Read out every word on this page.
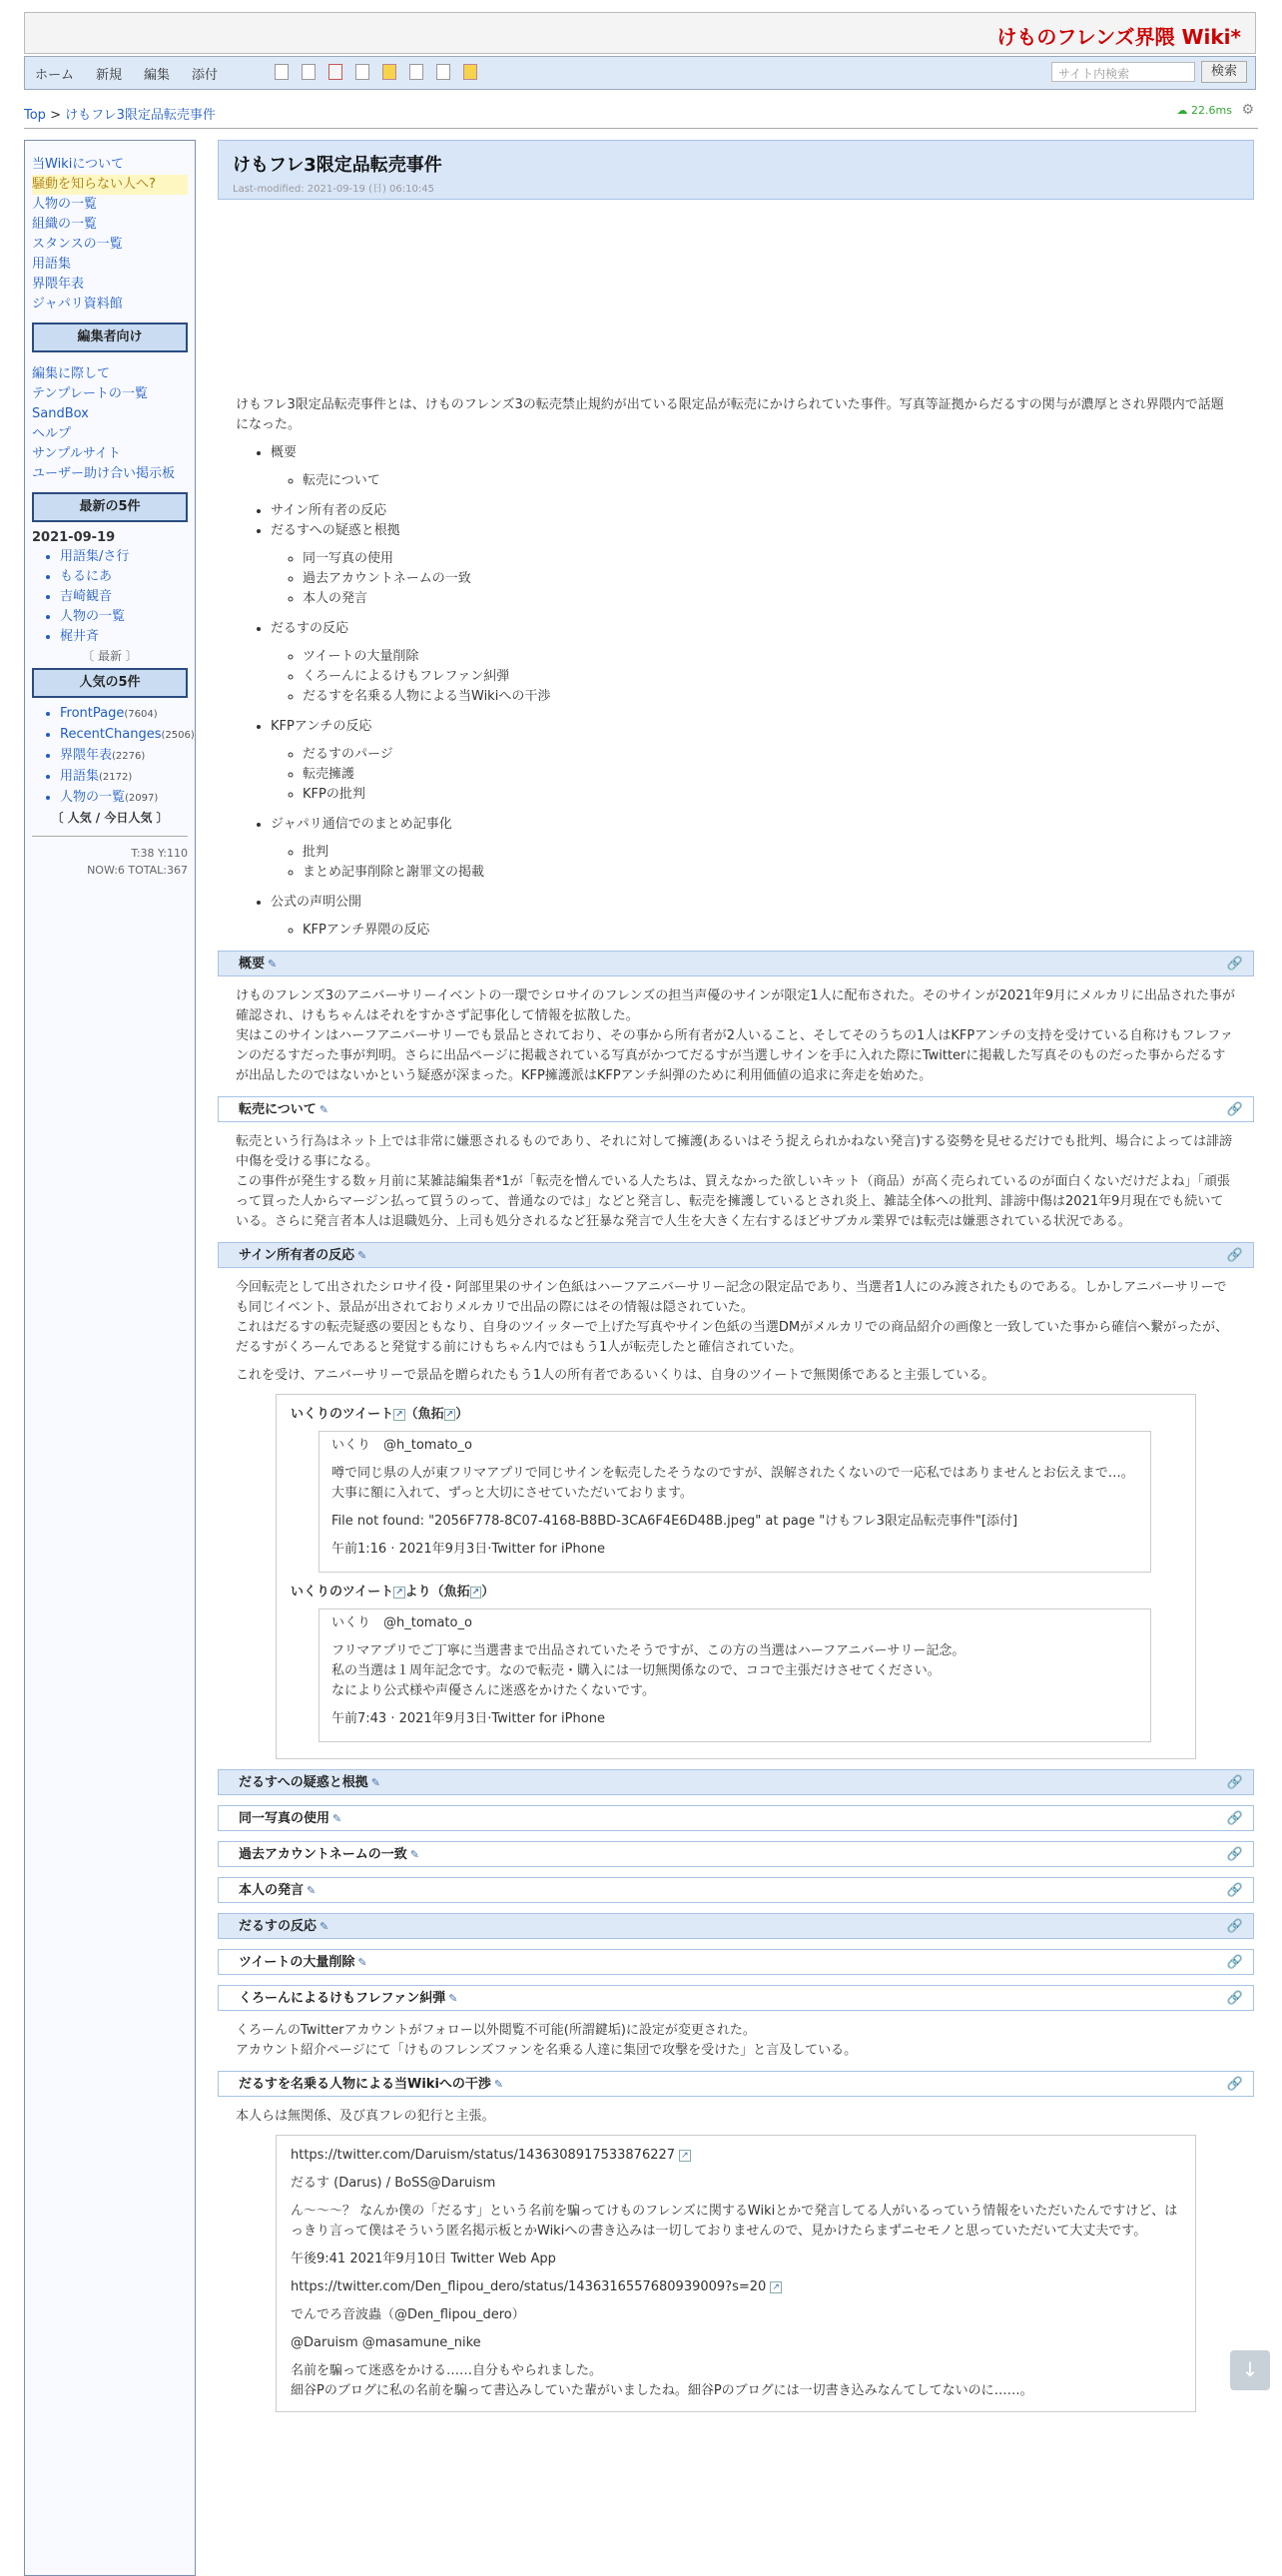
けものフレンズ界隈 Wiki*
ホーム 新規 編集 添付	サイト内検索	検索
Top > けもフレ3限定品転売事件	☁ 22.6ms ⚙
当Wikiについて
騒動を知らない人へ?
人物の一覧
組織の一覧
スタンスの一覧
用語集
界隈年表
ジャパリ資料館
編集者向け
編集に際して
テンプレートの一覧
SandBox
ヘルプ
サンプルサイト
ユーザー助け合い掲示板
最新の5件
2021-09-19
• 用語集/さ行
• もるにあ
• 吉崎観音
• 人物の一覧
• 梶井斉
〔 最新 〕
人気の5件
• FrontPage(7604)
• RecentChanges(2506)
• 界隈年表(2276)
• 用語集(2172)
• 人物の一覧(2097)
〔 人気 / 今日人気 〕
T:38 Y:110
NOW:6 TOTAL:367
けもフレ3限定品転売事件
Last-modified: 2021-09-19 (日) 06:10:45

けもフレ3限定品転売事件とは、けものフレンズ3の転売禁止規約が出ている限定品が転売にかけられていた事件。写真等証拠からだるすの関与が濃厚とされ界隈内で話題になった。

• 概要
◦ 転売について
• サイン所有者の反応
• だるすへの疑惑と根拠
◦ 同一写真の使用
◦ 過去アカウントネームの一致
◦ 本人の発言
• だるすの反応
◦ ツイートの大量削除
◦ くろーんによるけもフレファン糾弾
◦ だるすを名乗る人物による当Wikiへの干渉
• KFPアンチの反応
◦ だるすのパージ
◦ 転売擁護
◦ KFPの批判
• ジャパリ通信でのまとめ記事化
◦ 批判
◦ まとめ記事削除と謝罪文の掲載
• 公式の声明公開
◦ KFPアンチ界隈の反応
概要 ✎	🔗

けものフレンズ3のアニバーサリーイベントの一環でシロサイのフレンズの担当声優のサインが限定1人に配布された。そのサインが2021年9月にメルカリに出品された事が確認され、けもちゃんはそれをすかさず記事化して情報を拡散した。

実はこのサインはハーフアニバーサリーでも景品とされており、その事から所有者が2人いること、そしてそのうちの1人はKFPアンチの支持を受けている自称けもフレファンのだるすだった事が判明。さらに出品ページに掲載されている写真がかつてだるすが当選しサインを手に入れた際にTwitterに掲載した写真そのものだった事からだるすが出品したのではないかという疑惑が深まった。KFP擁護派はKFPアンチ糾弾のために利用価値の追求に奔走を始めた。

転売について ✎	🔗

転売という行為はネット上では非常に嫌悪されるものであり、それに対して擁護(あるいはそう捉えられかねない発言)する姿勢を見せるだけでも批判、場合によっては誹謗中傷を受ける事になる。

この事件が発生する数ヶ月前に某雑誌編集者*1が「転売を憎んでいる人たちは、買えなかった欲しいキット（商品）が高く売られているのが面白くないだけだよね」「頑張って買った人からマージン払って買うのって、普通なのでは」などと発言し、転売を擁護しているとされ炎上、雑誌全体への批判、誹謗中傷は2021年9月現在でも続いている。さらに発言者本人は退職処分、上司も処分されるなど狂暴な発言で人生を大きく左右するほどサブカル業界では転売は嫌悪されている状況である。

サイン所有者の反応 ✎	🔗

今回転売として出されたシロサイ役・阿部里果のサイン色紙はハーフアニバーサリー記念の限定品であり、当選者1人にのみ渡されたものである。しかしアニバーサリーでも同じイベント、景品が出されておりメルカリで出品の際にはその情報は隠されていた。

これはだるすの転売疑惑の要因ともなり、自身のツイッターで上げた写真やサイン色紙の当選DMがメルカリでの商品紹介の画像と一致していた事から確信へ繋がったが、だるすがくろーんであると発覚する前にけもちゃん内ではもう1人が転売したと確信されていた。

これを受け、アニバーサリーで景品を贈られたもう1人の所有者であるいくりは、自身のツイートで無関係であると主張している。

いくりのツイート ↗ （魚拓 ↗ ）

いくり　@h_tomato_o

噂で同じ県の人が東フリマアプリで同じサインを転売したそうなのですが、誤解されたくないので一応私ではありませんとお伝えまで…。

大事に額に入れて、ずっと大切にさせていただいております。

File not found: "2056F778-8C07-4168-B8BD-3CA6F4E6D48B.jpeg" at page "けもフレ3限定品転売事件"[添付]

午前1:16 · 2021年9月3日·Twitter for iPhone

いくりのツイート ↗ より（魚拓 ↗ ）

いくり　@h_tomato_o

フリマアプリでご丁寧に当選書まで出品されていたそうですが、この方の当選はハーフアニバーサリー記念。

私の当選は１周年記念です。なので転売・購入には一切無関係なので、ココで主張だけさせてください。

なにより公式様や声優さんに迷惑をかけたくないです。

午前7:43 · 2021年9月3日·Twitter for iPhone

だるすへの疑惑と根拠 ✎	🔗
同一写真の使用 ✎	🔗
過去アカウントネームの一致 ✎	🔗
本人の発言 ✎	🔗
だるすの反応 ✎	🔗
ツイートの大量削除 ✎	🔗
くろーんによるけもフレファン糾弾 ✎	🔗

くろーんのTwitterアカウントがフォロー以外閲覧不可能(所謂鍵垢)に設定が変更された。

アカウント紹介ページにて「けものフレンズファンを名乗る人達に集団で攻撃を受けた」と言及している。

だるすを名乗る人物による当Wikiへの干渉 ✎	🔗

本人らは無関係、及び真フレの犯行と主張。

https://twitter.com/Daruism/status/1436308917533876227 ↗

だるす (Darus) / BoSS@Daruism

ん～～～？ なんか僕の「だるす」という名前を騙ってけものフレンズに関するWikiとかで発言してる人がいるっていう情報をいただいたんですけど、はっきり言って僕はそういう匿名掲示板とかWikiへの書き込みは一切しておりませんので、見かけたらまずニセモノと思っていただいて大丈夫です。

午後9:41 2021年9月10日 Twitter Web App

https://twitter.com/Den_flipou_dero/status/1436316557680939009?s=20 ↗

でんでろ音波蟲（@Den_flipou_dero）

@Daruism @masamune_nike

名前を騙って迷惑をかける……自分もやられました。

細谷Pのブログに私の名前を騙って書込みしていた輩がいましたね。細谷Pのブログには一切書き込みなんてしてないのに……。

↓
